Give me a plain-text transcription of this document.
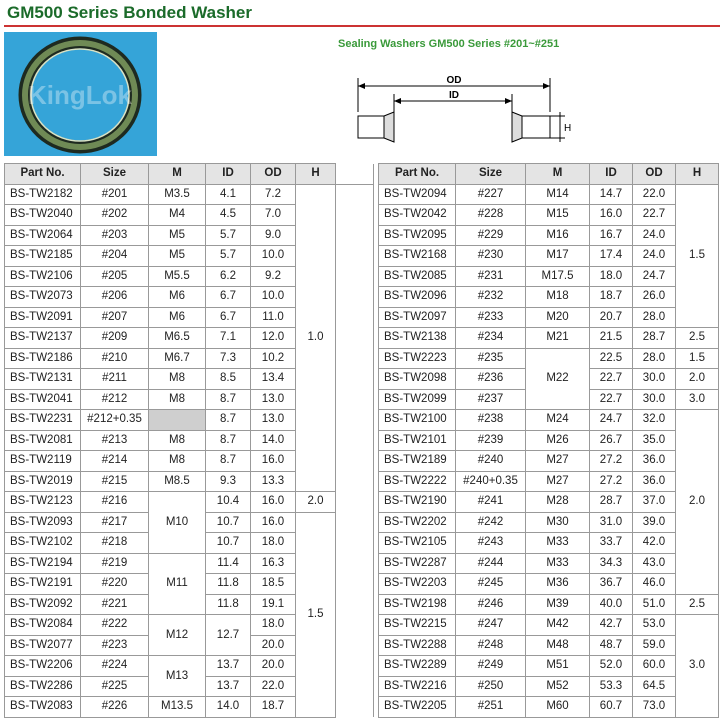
GM500 Series Bonded Washer
KingLok
Sealing Washers GM500 Series #201~#251
OD
ID
H
Part No.	Size	M	ID	OD	H	
BS-TW2182	#201	M3.5	4.1	7.2	1.0	
BS-TW2040	#202	M4	4.5	7.0		
BS-TW2064	#203	M5	5.7	9.0		
BS-TW2185	#204	M5	5.7	10.0		
BS-TW2106	#205	M5.5	6.2	9.2		
BS-TW2073	#206	M6	6.7	10.0		
BS-TW2091	#207	M6	6.7	11.0		
BS-TW2137	#209	M6.5	7.1	12.0		
BS-TW2186	#210	M6.7	7.3	10.2		
BS-TW2131	#211	M8	8.5	13.4		
BS-TW2041	#212	M8	8.7	13.0		
BS-TW2231	#212+0.35		8.7	13.0		
BS-TW2081	#213	M8	8.7	14.0		
BS-TW2119	#214	M8	8.7	16.0		
BS-TW2019	#215	M8.5	9.3	13.3		
BS-TW2123	#216	M10	10.4	16.0	2.0	
BS-TW2093	#217		10.7	16.0	1.5	
BS-TW2102	#218		10.7	18.0		
BS-TW2194	#219	M11	11.4	16.3		
BS-TW2191	#220		11.8	18.5		
BS-TW2092	#221		11.8	19.1		
BS-TW2084	#222	M12	12.7	18.0		
BS-TW2077	#223			20.0		
BS-TW2206	#224	M13	13.7	20.0		
BS-TW2286	#225		13.7	22.0		
BS-TW2083	#226	M13.5	14.0	18.7		
Part No.	Size	M	ID	OD	H
BS-TW2094	#227	M14	14.7	22.0	1.5
BS-TW2042	#228	M15	16.0	22.7	
BS-TW2095	#229	M16	16.7	24.0	
BS-TW2168	#230	M17	17.4	24.0	
BS-TW2085	#231	M17.5	18.0	24.7	
BS-TW2096	#232	M18	18.7	26.0	
BS-TW2097	#233	M20	20.7	28.0	
BS-TW2138	#234	M21	21.5	28.7	2.5
BS-TW2223	#235	M22	22.5	28.0	1.5
BS-TW2098	#236		22.7	30.0	2.0
BS-TW2099	#237		22.7	30.0	3.0
BS-TW2100	#238	M24	24.7	32.0	2.0
BS-TW2101	#239	M26	26.7	35.0	
BS-TW2189	#240	M27	27.2	36.0	
BS-TW2222	#240+0.35	M27	27.2	36.0	
BS-TW2190	#241	M28	28.7	37.0	
BS-TW2202	#242	M30	31.0	39.0	
BS-TW2105	#243	M33	33.7	42.0	
BS-TW2287	#244	M33	34.3	43.0	
BS-TW2203	#245	M36	36.7	46.0	
BS-TW2198	#246	M39	40.0	51.0	2.5
BS-TW2215	#247	M42	42.7	53.0	3.0
BS-TW2288	#248	M48	48.7	59.0	
BS-TW2289	#249	M51	52.0	60.0	
BS-TW2216	#250	M52	53.3	64.5	
BS-TW2205	#251	M60	60.7	73.0	
